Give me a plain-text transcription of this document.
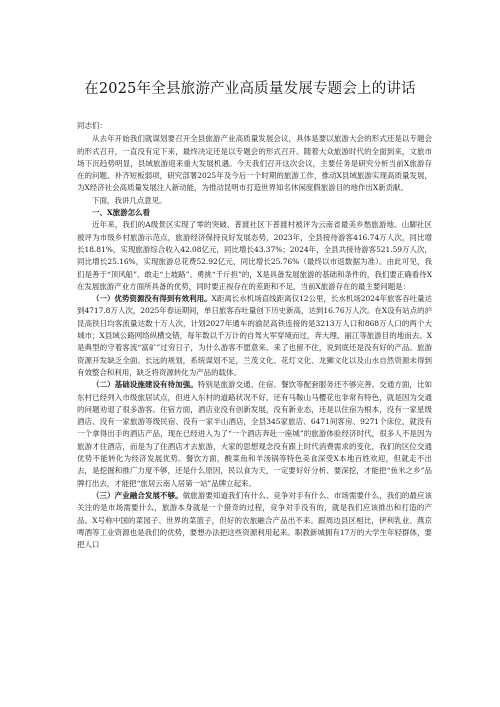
在2025年全县旅游产业高质量发展专题会上的讲话

同志们：

从去年开始我们就谋划要召开全县旅游产业高质量发展会议，具体是要以旅游大会的形式还是以专题会的形式召开，一直没有定下来，最终决定还是以专题会的形式召开。随着大众旅游时代的全面到来，文旅市场下沉趋势明显，县域旅游迎来重大发展机遇。今天我们召开这次会议，主要任务是研究分析当前X旅游存在的问题、补齐短板弱项，研究部署2025年及今后一个时期的旅游工作，推动X县域旅游实现高质量发展，为X经济社会高质量发展注入新动能，为推动昆明市打造世界知名休闲度假旅游目的地作出X新贡献。

下面，我讲几点意见。

一、X旅游怎么看

近年来，我们的A级景区实现了零的突破、普渡社区下普渡村被评为云南省最美乡愁旅游地、山脚社区被评为市级乡村旅游示范点，旅游经济保持良好发展态势，2023年，全县接待游客416.74万人次，同比增长18.81%，实现旅游综合收入42.08亿元，同比增长43.37%；2024年，全县共接待游客521.59万人次，同比增长25.16%，实现旅游总花费52.92亿元，同比增长25.76%（最终以市返数据为准）。由此可见，我们是善于“顶风船”、敢走“上坡路”、勇挑“千斤担”的，X是具备发展旅游的基础和条件的，我们要正确看待X在发展旅游产业方面所具备的优势，同时要正视存在的差距和不足，当前X旅游存在的最主要问题是：

（一）优势资源没有得到有效利用。X距离长水机场直线距离仅12公里，长水机场2024年旅客吞吐量达到4717.8万人次，2025年春运期间，单日旅客吞吐量创下历史新高，达到16.76万人次。在X设有站点的沪昆高铁日均客流量达数十万人次，计划2027年通车的渝昆高铁连接的是3213万人口和868万人口的两个大城市；X县域公路网络纵横交错，每年数以千万计的自驾大军穿境而过，奔大理、丽江等旅游目的地而去。X是典型的守着客流“富矿”过穷日子，为什么游客不愿意来、来了也留不住，说到底还是没有好的产品。旅游资源开发缺乏全面、长远的规划，系统谋划不足，兰茂文化、花灯文化、龙狮文化以及山水自然资源未得到有效整合和利用，缺乏将资源转化为产品的载体。

（二）基础设施建设有待加强。特别是旅游交通、住宿、餐饮等配套服务还不够完善。交通方面，比如东村已经列入市级旅居试点，但进入东村的道路状况不好，还有马鞍山马樱花也非常有特色，就是因为交通的问题劝退了很多游客。住宿方面，酒店业没有创新发展，没有新业态，还是以住宿为根本，没有一家星级酒店、没有一家旅游等级民宿、没有一家半山酒店，全县345家旅店、6471间客房、9271个床位，就没有一个拿得出手的酒店产品，现在已经进入为了“一个酒店奔赴一座城”的旅游体验经济时代，很多人不是因为旅游才住酒店，而是为了住酒店才去旅游，大家的思想观念没有跟上时代消费需求的变化，我们的区位交通优势不能转化为经济发展优势。餐饮方面，酸菜鱼和羊汤锅等特色美食深受X本地百姓欢迎，但就走不出去，是挖掘和推广力度不够，还是什么原因，民以食为天，一定要好好分析、要深挖，才能把“鱼米之乡”品牌打出去，才能把“旅居云南人居第一站”品牌立起来。

（三）产业融合发展不够。做旅游要知道我们有什么、竞争对手有什么、市场需要什么，我们的最应该关注的是市场需要什么，旅游本身就是一个猎奇的过程，竞争对手没有的，就是我们应该推出和打造的产品。X号称中国的菜园子、世界的菜篮子，但好的农旅融合产品出不来。跟周边县区相比，伊利乳业、燕京啤酒等工业资源也是我们的优势，要想办法把这些资源利用起来。职教新城拥有17万的大学生年轻群体，要把人口
